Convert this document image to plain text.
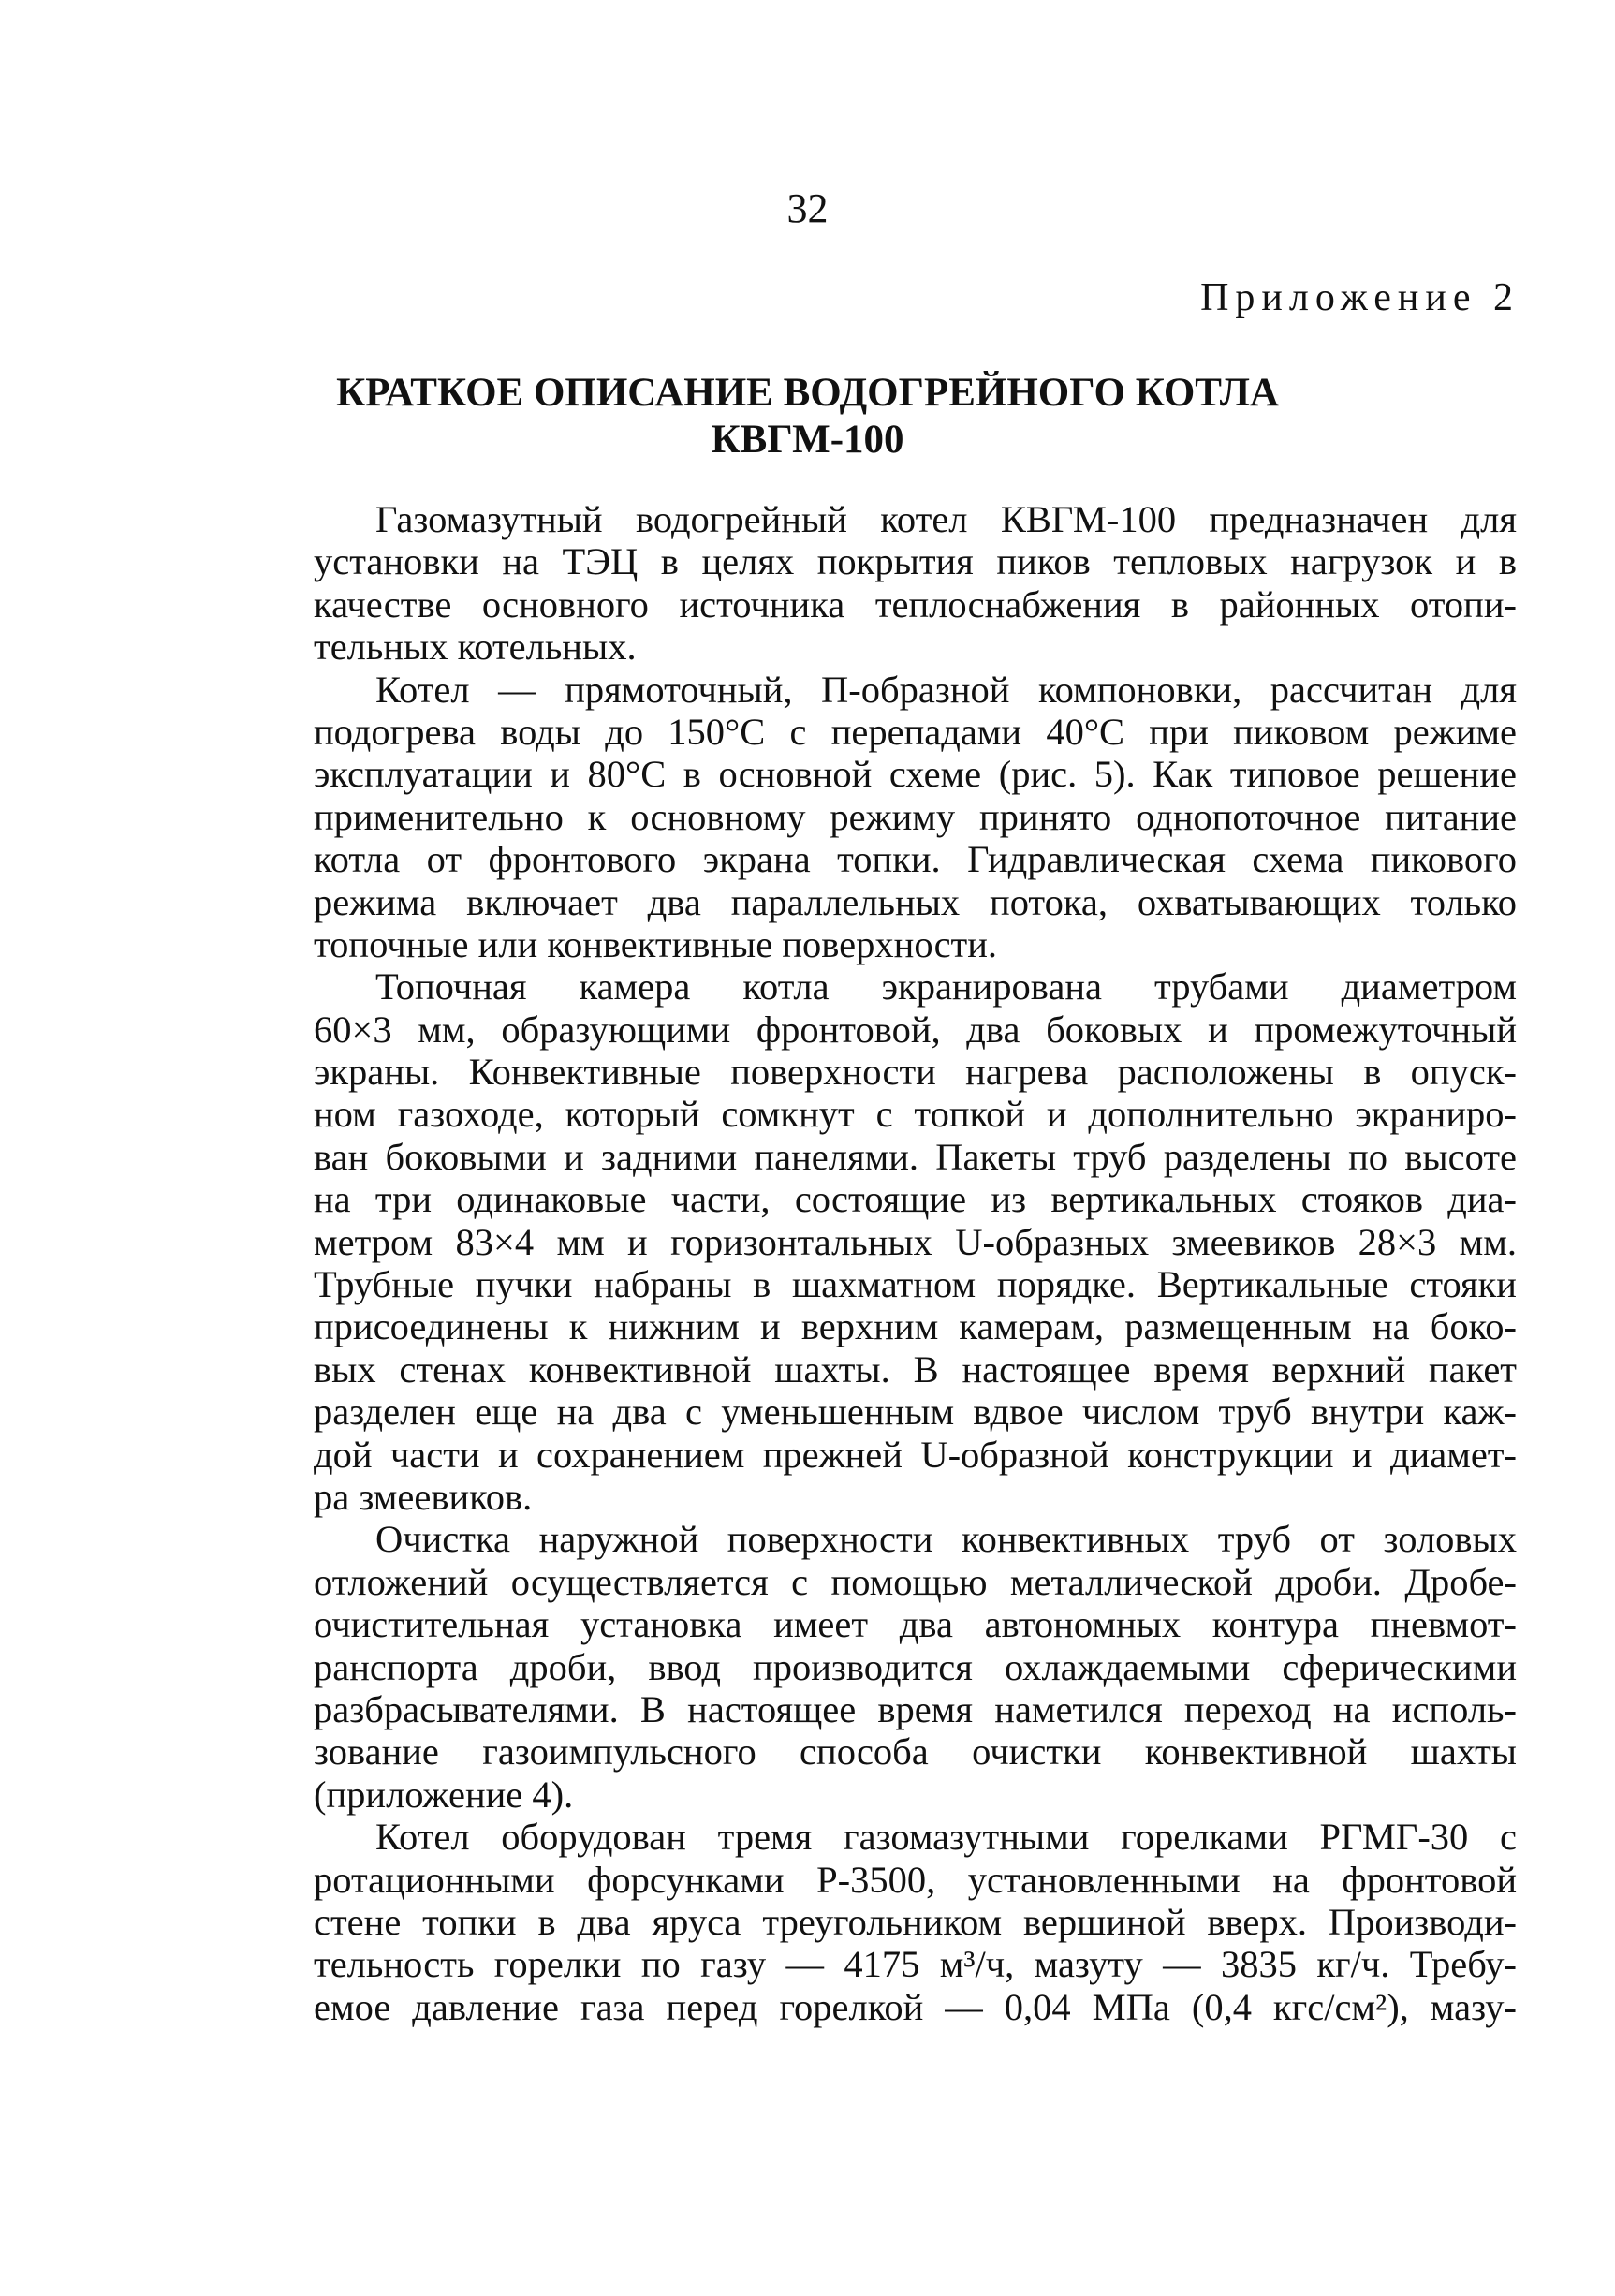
32
Приложение 2
КРАТКОЕ ОПИСАНИЕ ВОДОГРЕЙНОГО КОТЛА
КВГМ-100
Газомазутный водогрейный котел КВГМ-100 предназначен для
установки на ТЭЦ в целях покрытия пиков тепловых нагрузок и в
качестве основного источника теплоснабжения в районных отопи-
тельных котельных.
Котел — прямоточный, П-образной компоновки, рассчитан для
подогрева воды до 150°С с перепадами 40°С при пиковом режиме
эксплуатации и 80°С в основной схеме (рис. 5). Как типовое решение
применительно к основному режиму принято однопоточное питание
котла от фронтового экрана топки. Гидравлическая схема пикового
режима включает два параллельных потока, охватывающих только
топочные или конвективные поверхности.
Топочная камера котла экранирована трубами диаметром
60×3 мм, образующими фронтовой, два боковых и промежуточный
экраны. Конвективные поверхности нагрева расположены в опуск-
ном газоходе, который сомкнут с топкой и дополнительно экраниро-
ван боковыми и задними панелями. Пакеты труб разделены по высоте
на три одинаковые части, состоящие из вертикальных стояков диа-
метром 83×4 мм и горизонтальных U-образных змеевиков 28×3 мм.
Трубные пучки набраны в шахматном порядке. Вертикальные стояки
присоединены к нижним и верхним камерам, размещенным на боко-
вых стенах конвективной шахты. В настоящее время верхний пакет
разделен еще на два с уменьшенным вдвое числом труб внутри каж-
дой части и сохранением прежней U-образной конструкции и диамет-
ра змеевиков.
Очистка наружной поверхности конвективных труб от золовых
отложений осуществляется с помощью металлической дроби. Дробе-
очистительная установка имеет два автономных контура пневмот-
ранспорта дроби, ввод производится охлаждаемыми сферическими
разбрасывателями. В настоящее время наметился переход на исполь-
зование газоимпульсного способа очистки конвективной шахты
(приложение 4).
Котел оборудован тремя газомазутными горелками РГМГ-30 с
ротационными форсунками Р-3500, установленными на фронтовой
стене топки в два яруса треугольником вершиной вверх. Производи-
тельность горелки по газу — 4175 м³/ч, мазуту — 3835 кг/ч. Требу-
емое давление газа перед горелкой — 0,04 МПа (0,4 кгс/см²), мазу-
